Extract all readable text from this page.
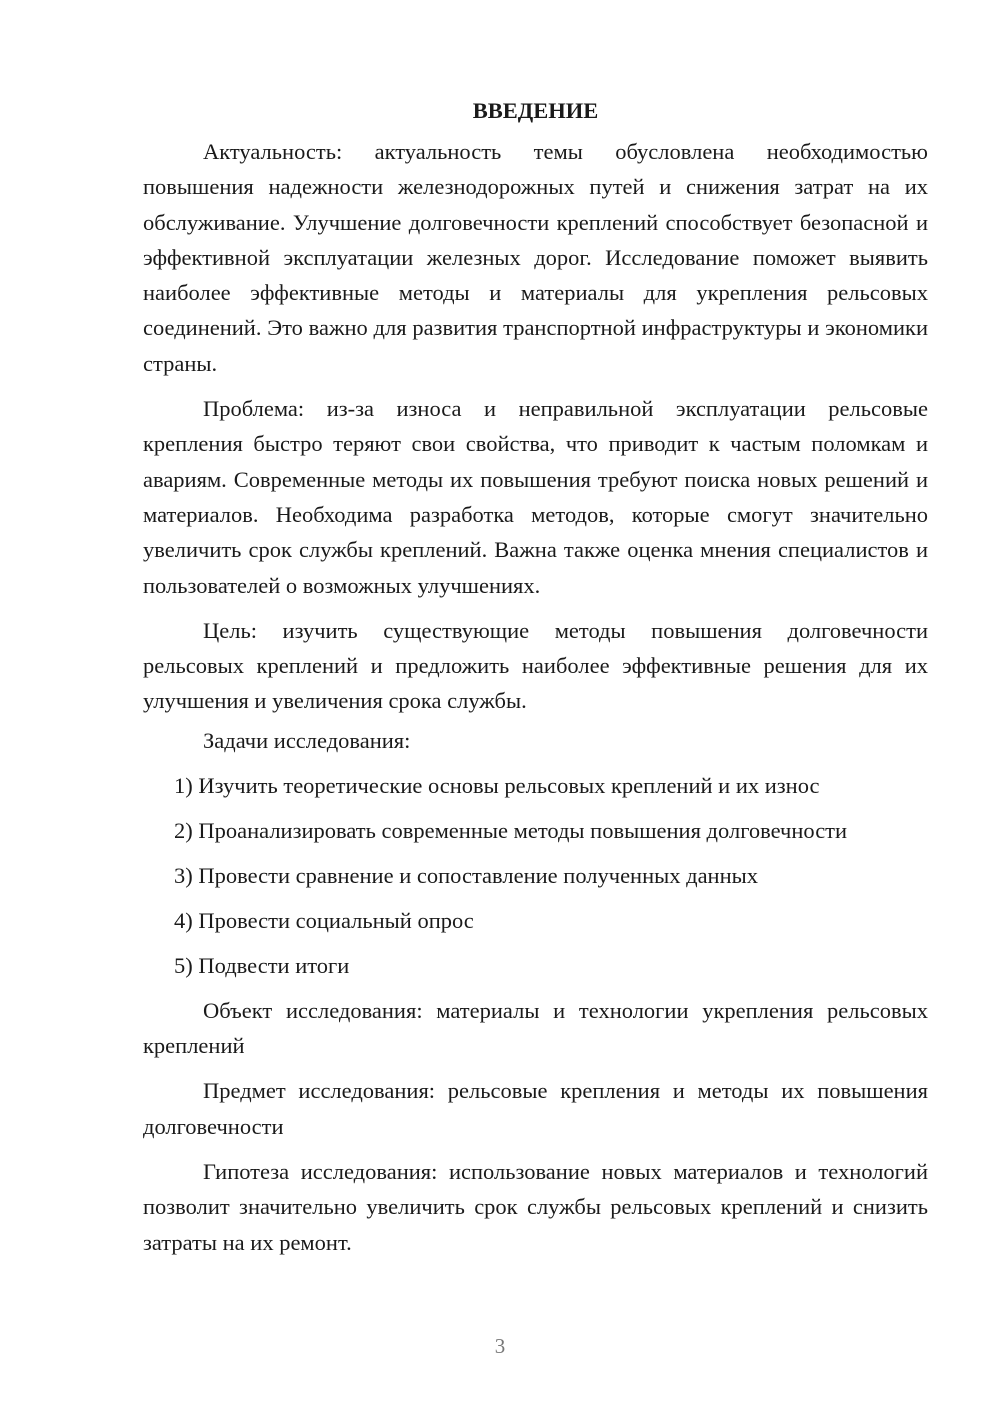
ВВЕДЕНИЕ

Актуальность: актуальность темы обусловлена необходимостью повышения надежности железнодорожных путей и снижения затрат на их обслуживание. Улучшение долговечности креплений способствует безопасной и эффективной эксплуатации железных дорог. Исследование поможет выявить наиболее эффективные методы и материалы для укрепления рельсовых соединений. Это важно для развития транспортной инфраструктуры и экономики страны.

Проблема: из-за износа и неправильной эксплуатации рельсовые крепления быстро теряют свои свойства, что приводит к частым поломкам и авариям. Современные методы их повышения требуют поиска новых решений и материалов. Необходима разработка методов, которые смогут значительно увеличить срок службы креплений. Важна также оценка мнения специалистов и пользователей о возможных улучшениях.

Цель: изучить существующие методы повышения долговечности рельсовых креплений и предложить наиболее эффективные решения для их улучшения и увеличения срока службы.

Задачи исследования:

1) Изучить теоретические основы рельсовых креплений и их износ
2) Проанализировать современные методы повышения долговечности
3) Провести сравнение и сопоставление полученных данных
4) Провести социальный опрос
5) Подвести итоги

Объект исследования: материалы и технологии укрепления рельсовых креплений

Предмет исследования: рельсовые крепления и методы их повышения долговечности

Гипотеза исследования: использование новых материалов и технологий позволит значительно увеличить срок службы рельсовых креплений и снизить затраты на их ремонт.

3
